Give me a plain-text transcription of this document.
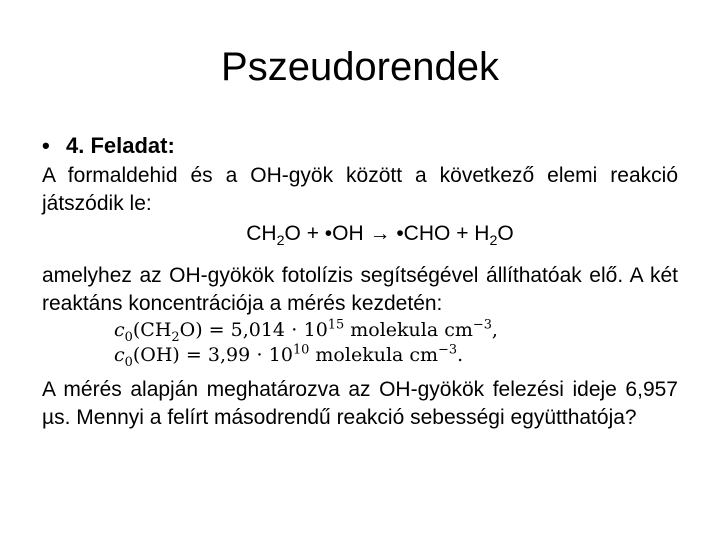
Pszeudorendek
• 4. Feladat:
A formaldehid és a OH-gyök között a következő elemi reakció játszódik le:
$CH_2O$ + •OH → •CHO + $H_2O$
amelyhez az OH-gyökök fotolízis segítségével állíthatóak elő. A két reaktáns koncentrációja a mérés kezdetén:
$c_0(CH_2O) = 5,014 \cdot 10^{15}$ molekula $cm^{-3}$,
$c_0(OH) = 3,99 \cdot 10^{10}$ molekula $cm^{-3}$.
A mérés alapján meghatározva az OH-gyökök felezési ideje 6,957 µs. Mennyi a felírt másodrendű reakció sebességi együtthatója?
